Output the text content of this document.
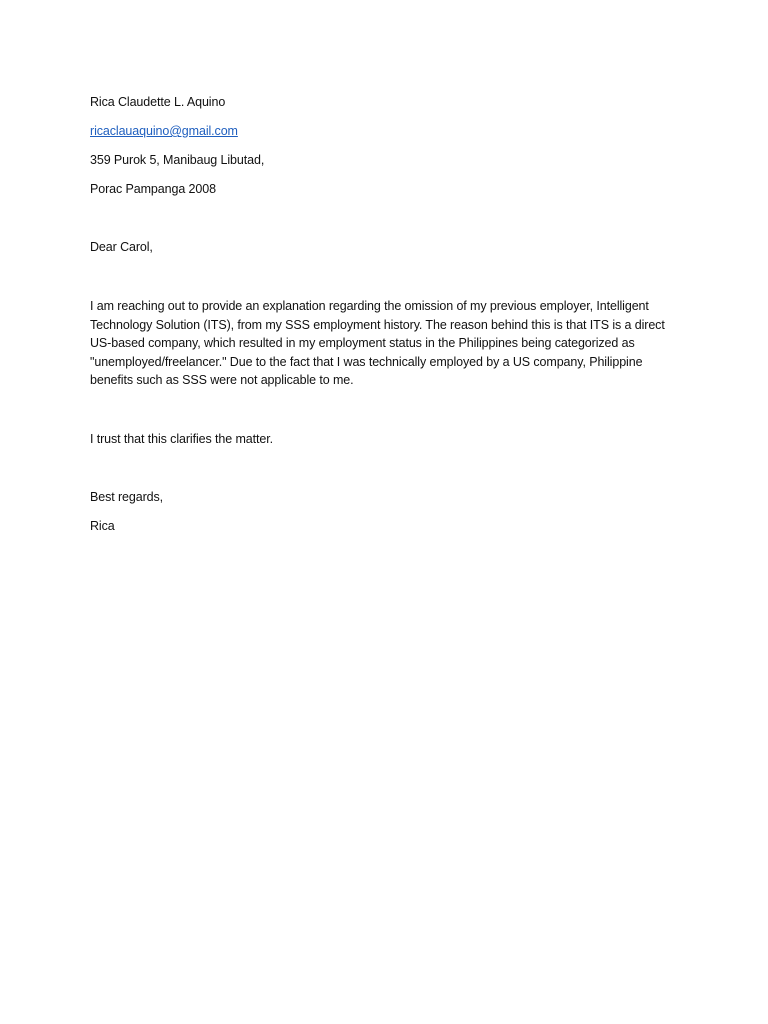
Rica Claudette L. Aquino
ricaclauaquino@gmail.com
359 Purok 5, Manibaug Libutad,
Porac Pampanga 2008
Dear Carol,
I am reaching out to provide an explanation regarding the omission of my previous employer, Intelligent
Technology Solution (ITS), from my SSS employment history. The reason behind this is that ITS is a direct
US-based company, which resulted in my employment status in the Philippines being categorized as
"unemployed/freelancer." Due to the fact that I was technically employed by a US company, Philippine
benefits such as SSS were not applicable to me.
I trust that this clarifies the matter.
Best regards,
Rica
